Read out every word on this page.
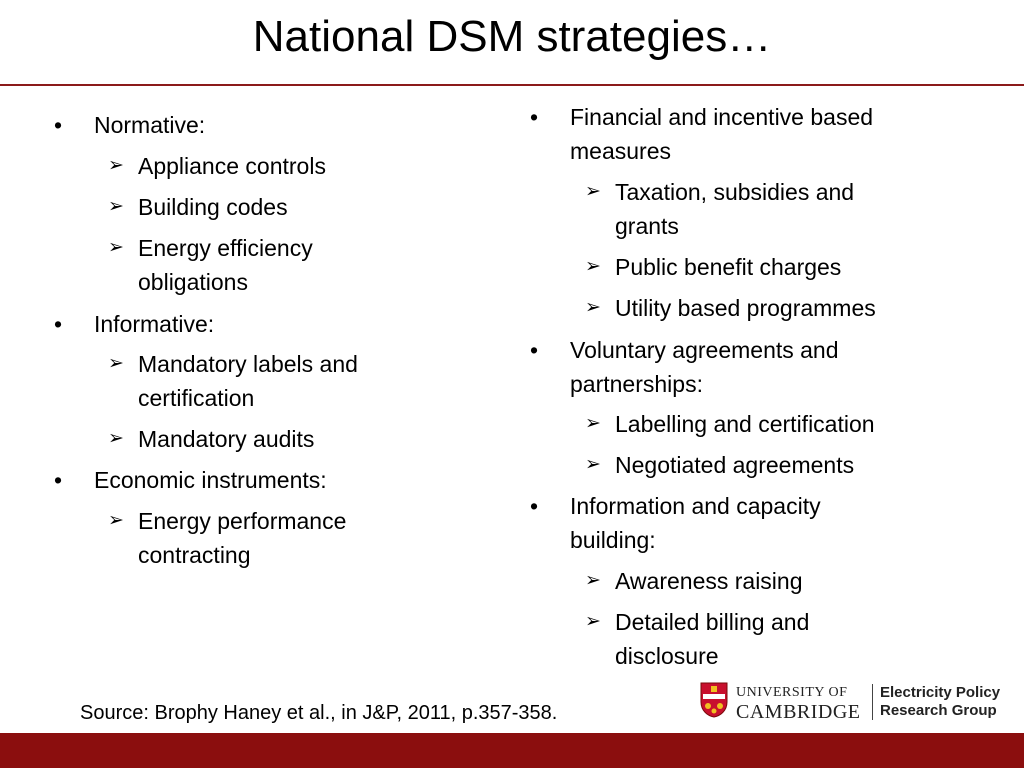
National DSM strategies…
•	Normative:
➢ Appliance controls
➢ Building codes
➢ Energy efficiency
obligations
•	Informative:
➢ Mandatory labels and
certification
➢ Mandatory audits
•	Economic instruments:
➢ Energy performance
contracting
•	Financial and incentive based
measures
➢ Taxation, subsidies and
grants
➢ Public benefit charges
➢ Utility based programmes
•	Voluntary agreements and
partnerships:
➢ Labelling and certification
➢ Negotiated agreements
•	Information and capacity
building:
➢ Awareness raising
➢ Detailed billing and
disclosure
Source: Brophy Haney et al., in J&P, 2011, p.357-358.
UNIVERSITY OF
CAMBRIDGE
Electricity Policy
Research Group
